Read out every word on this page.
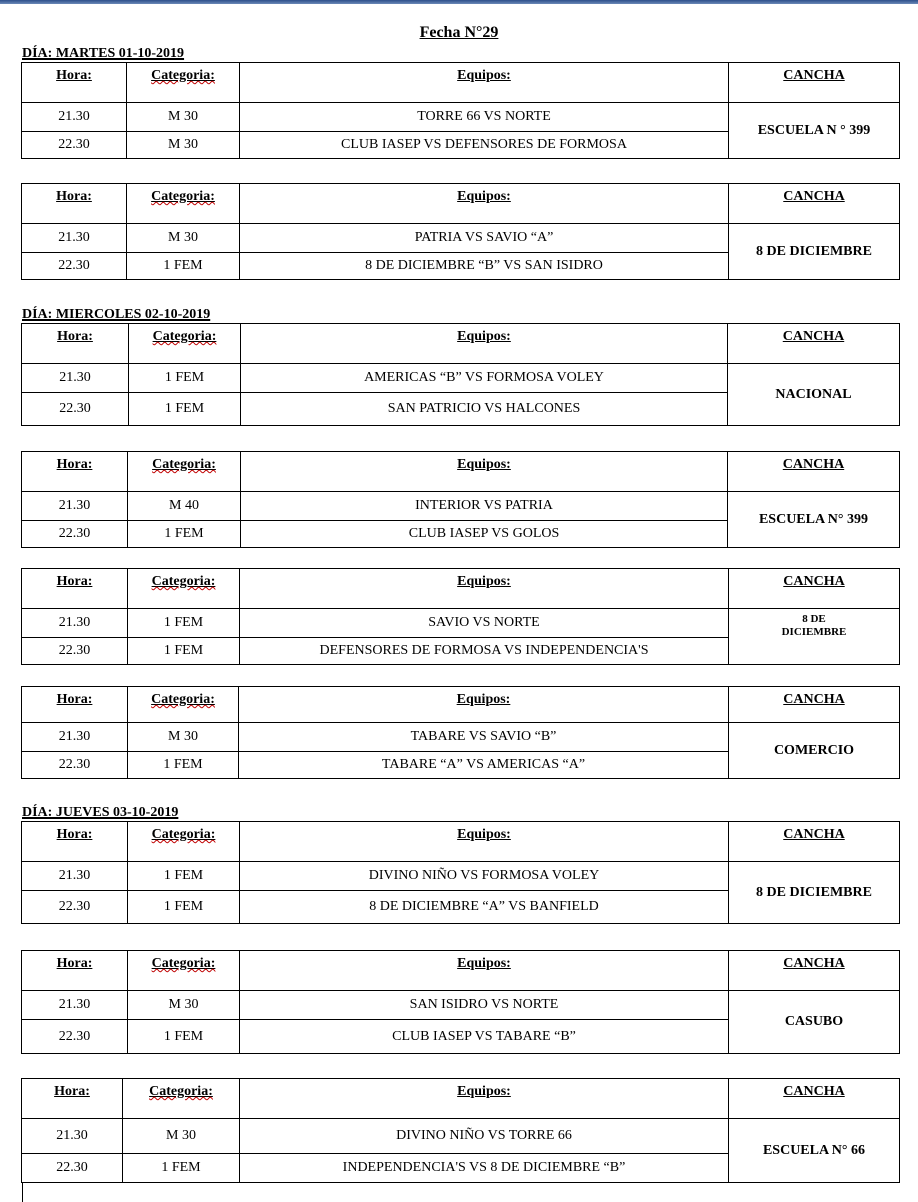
Fecha N°29
DÍA: MARTES 01-10-2019
DÍA: MIERCOLES 02-10-2019
DÍA: JUEVES 03-10-2019
Hora:	Categoria:	Equipos:	CANCHA
21.30	M 30	TORRE 66 VS NORTE	ESCUELA N ° 399
22.30	M 30	CLUB IASEP VS DEFENSORES DE FORMOSA	
Hora:	Categoria:	Equipos:	CANCHA
21.30	M 30	PATRIA VS SAVIO “A”	8 DE DICIEMBRE
22.30	1 FEM	8 DE DICIEMBRE “B” VS SAN ISIDRO	
Hora:	Categoria:	Equipos:	CANCHA
21.30	1 FEM	AMERICAS “B” VS FORMOSA VOLEY	NACIONAL
22.30	1 FEM	SAN PATRICIO VS HALCONES	
Hora:	Categoria:	Equipos:	CANCHA
21.30	M 40	INTERIOR VS PATRIA	ESCUELA N° 399
22.30	1 FEM	CLUB IASEP VS GOLOS	
Hora:	Categoria:	Equipos:	CANCHA
21.30	1 FEM	SAVIO VS NORTE	8 DE DICIEMBRE
22.30	1 FEM	DEFENSORES DE FORMOSA VS INDEPENDENCIA'S	
Hora:	Categoria:	Equipos:	CANCHA
21.30	M 30	TABARE VS SAVIO “B”	COMERCIO
22.30	1 FEM	TABARE “A” VS AMERICAS “A”	
Hora:	Categoria:	Equipos:	CANCHA
21.30	1 FEM	DIVINO NIÑO VS FORMOSA VOLEY	8 DE DICIEMBRE
22.30	1 FEM	8 DE DICIEMBRE “A” VS BANFIELD	
Hora:	Categoria:	Equipos:	CANCHA
21.30	M 30	SAN ISIDRO VS NORTE	CASUBO
22.30	1 FEM	CLUB IASEP VS TABARE “B”	
Hora:	Categoria:	Equipos:	CANCHA
21.30	M 30	DIVINO NIÑO VS TORRE 66	ESCUELA N° 66
22.30	1 FEM	INDEPENDENCIA'S VS 8 DE DICIEMBRE “B”	
